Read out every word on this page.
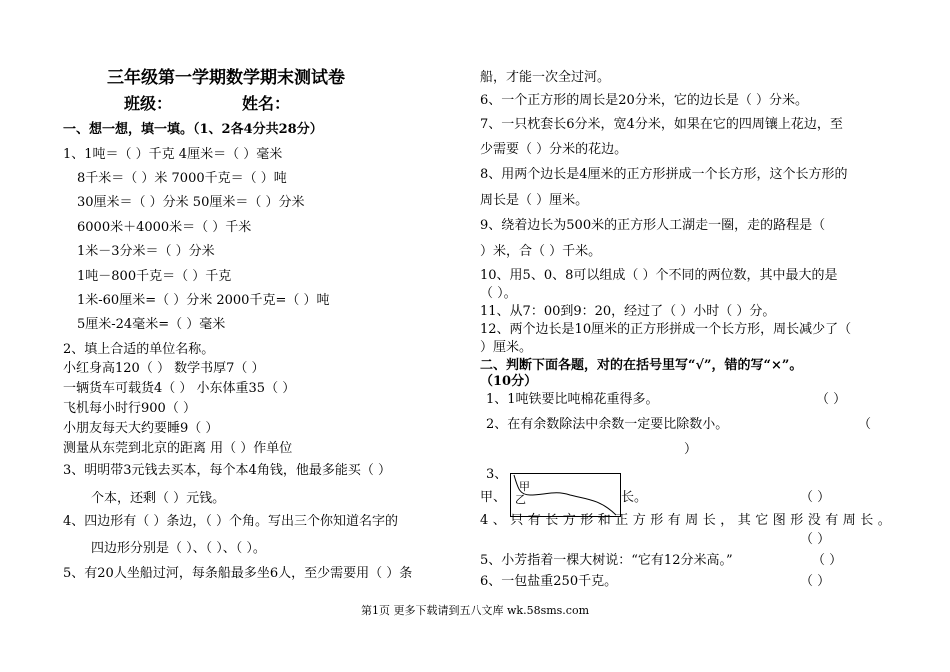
三年级第一学期数学期末测试卷
班级：	姓名：
一、想一想，填一填。（1、2各4分共28分）
1、1吨＝（ ）千克 4厘米＝（ ）毫米
8千米＝（ ）米 7000千克＝（ ）吨
30厘米＝（ ）分米 50厘米＝（ ）分米
6000米＋4000米＝（ ）千米
1米－3分米＝（ ）分米
1吨－800千克＝（ ）千克
1米-60厘米=（ ）分米 2000千克=（ ）吨
5厘米-24毫米=（ ）毫米
2、填上合适的单位名称。
小红身高120（ ） 数学书厚7（ ）
一辆货车可载货4（ ） 小东体重35（ ）
飞机每小时行900（ ）
小朋友每天大约要睡9（ ）
测量从东莞到北京的距离 用（ ）作单位
3、明明带3元钱去买本，每个本4角钱，他最多能买（ ）
个本，还剩（ ）元钱。
4、四边形有（ ）条边，（ ）个角。写出三个你知道名字的
四边形分别是（ ）、（ ）、（ ）。
5、有20人坐船过河，每条船最多坐6人，至少需要用（ ）条
船，才能一次全过河。
6、一个正方形的周长是20分米，它的边长是（ ）分米。
7、一只枕套长6分米，宽4分米，如果在它的四周镶上花边，至
少需要（ ）分米的花边。
8、用两个边长是4厘米的正方形拼成一个长方形，这个长方形的
周长是（ ）厘米。
9、绕着边长为500米的正方形人工湖走一圈，走的路程是（
）米，合（ ）千米。
10、用5、0、8可以组成（ ）个不同的两位数，其中最大的是
（ ）。
11、从7：00到9：20，经过了（ ）小时（ ）分。
12、两个边长是10厘米的正方形拼成一个长方形，周长减少了（
）厘米。
二、判断下面各题，对的在括号里写“√”，错的写“×”。
（10分）
1、1吨铁要比吨棉花重得多。	（ ）
2、在有余数除法中余数一定要比除数小。	（
）
3、
甲
乙
甲、	长。	（ ）
4、只有长方形和正方形有周长，其它图形没有周长。
（ ）
5、小芳指着一棵大树说：“它有12分米高。”	（ ）
6、一包盐重250千克。	（ ）
第1页 更多下载请到五八文库 wk.58sms.com
